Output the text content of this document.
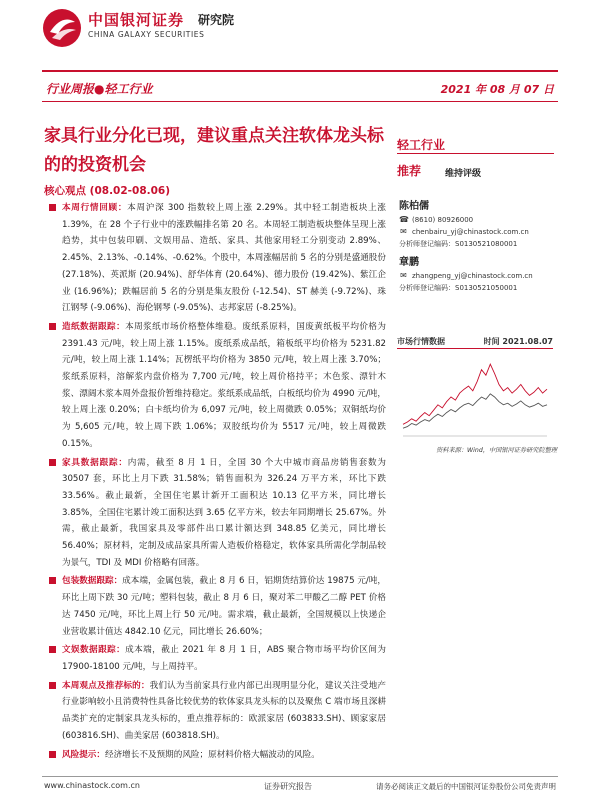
中国银河证券 研究院
CHINA GALAXY SECURITIES
行业周报●轻工行业	2021 年 08 月 07 日
家具行业分化已现，建议重点关注软体龙头标的的投资机会
核心观点 (08.02-08.06)
本周行情回顾：本周沪深 300 指数较上周上涨 2.29%。其中轻工制造板块上涨 1.39%，在 28 个子行业中的涨跌幅排名第 20 名。本周轻工制造板块整体呈现上涨趋势，其中包装印刷、文娱用品、造纸、家具、其他家用轻工分别变动 2.89%、2.45%、2.13%、-0.14%、-0.62%。个股中，本周涨幅居前 5 名的分别是盛通股份 (27.18%)、英派斯 (20.94%)、舒华体育 (20.64%)、德力股份 (19.42%)、紫江企业 (16.96%)；跌幅居前 5 名的分别是集友股份 (-12.54)、ST 赫美 (-9.72%)、珠江钢琴 (-9.06%)、海伦钢琴 (-9.05%)、志邦家居 (-8.25%)。
造纸数据跟踪：本周浆纸市场价格整体维稳。废纸系原料，国废黄纸板平均价格为 2391.43 元/吨，较上周上涨 1.15%。废纸系成品纸，箱板纸平均价格为 5231.82 元/吨，较上周上涨 1.14%；瓦楞纸平均价格为 3850 元/吨，较上周上涨 3.70%；浆纸系原料，溶解浆内盘价格为 7,700 元/吨，较上周价格持平；木色浆、漂针木浆、漂阔木浆本周外盘报价暂维持稳定。浆纸系成品纸，白板纸均价为 4990 元/吨，较上周上涨 0.20%；白卡纸均价为 6,097 元/吨，较上周微跌 0.05%；双铜纸均价为 5,605 元/吨，较上周下跌 1.06%；双胶纸均价为 5517 元/吨，较上周微跌 0.15%。
家具数据跟踪：内需，截至 8 月 1 日，全国 30 个大中城市商品房销售套数为 30507 套，环比上月下跌 31.58%；销售面积为 326.24 万平方米，环比下跌 33.56%。截止最新，全国住宅累计新开工面积达 10.13 亿平方米，同比增长 3.85%，全国住宅累计竣工面积达到 3.65 亿平方米，较去年同期增长 25.67%。外需，截止最新，我国家具及零部件出口累计额达到 348.85 亿美元，同比增长 56.40%；原材料，定制及成品家具所需人造板价格稳定，软体家具所需化学制品较为景气，TDI 及 MDI 价格略有回落。
包装数据跟踪：成本端，金属包装，截止 8 月 6 日，铝期货结算价达 19875 元/吨，环比上周下跌 30 元/吨；塑料包装，截止 8 月 6 日，聚对苯二甲酸乙二醇 PET 价格达 7450 元/吨，环比上周上行 50 元/吨。需求端，截止最新，全国规模以上快递企业营收累计值达 4842.10 亿元，同比增长 26.60%；
文娱数据跟踪：成本端，截止 2021 年 8 月 1 日，ABS 聚合物市场平均价区间为 17900-18100 元/吨，与上周持平。
本周观点及推荐标的：我们认为当前家具行业内部已出现明显分化，建议关注受地产行业影响较小且消费特性具备比较优势的软体家具龙头标的以及聚焦 C 端市场且深耕品类扩充的定制家具龙头标的，重点推荐标的：欧派家居 (603833.SH)、顾家家居 (603816.SH)、曲美家居 (603818.SH)。
风险提示：经济增长不及预期的风险；原材料价格大幅波动的风险。
轻工行业
推荐	维持评级
陈柏儒
☎ (8610) 80926000
✉ chenbairu_yj@chinastock.com.cn
分析师登记编码：S0130521080001
章鹏
✉ zhangpeng_yj@chinastock.com.cn
分析师登记编码：S0130521050001
市场行情数据	时间 2021.08.07
资料来源：Wind，中国银河证券研究院整理
www.chinastock.com.cn	证券研究报告	请务必阅读正文最后的中国银河证券股份公司免责声明
